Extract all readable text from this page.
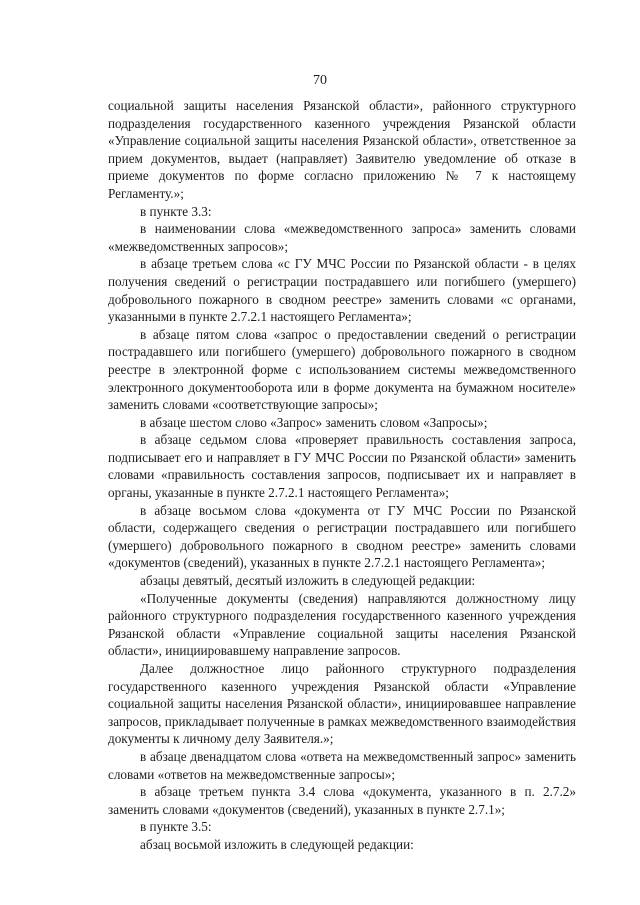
70

социальной защиты населения Рязанской области», районного структурного подразделения государственного казенного учреждения Рязанской области «Управление социальной защиты населения Рязанской области», ответственное за прием документов, выдает (направляет) Заявителю уведомление об отказе в приеме документов по форме согласно приложению № 7 к настоящему Регламенту.»;

в пункте 3.3:

в наименовании слова «межведомственного запроса» заменить словами «межведомственных запросов»;

в абзаце третьем слова «с ГУ МЧС России по Рязанской области - в целях получения сведений о регистрации пострадавшего или погибшего (умершего) добровольного пожарного в сводном реестре» заменить словами «с органами, указанными в пункте 2.7.2.1 настоящего Регламента»;

в абзаце пятом слова «запрос о предоставлении сведений о регистрации пострадавшего или погибшего (умершего) добровольного пожарного в сводном реестре в электронной форме с использованием системы межведомственного электронного документооборота или в форме документа на бумажном носителе» заменить словами «соответствующие запросы»;

в абзаце шестом слово «Запрос» заменить словом «Запросы»;

в абзаце седьмом слова «проверяет правильность составления запроса, подписывает его и направляет в ГУ МЧС России по Рязанской области» заменить словами «правильность составления запросов, подписывает их и направляет в органы, указанные в пункте 2.7.2.1 настоящего Регламента»;

в абзаце восьмом слова «документа от ГУ МЧС России по Рязанской области, содержащего сведения о регистрации пострадавшего или погибшего (умершего) добровольного пожарного в сводном реестре» заменить словами «документов (сведений), указанных в пункте 2.7.2.1 настоящего Регламента»;

абзацы девятый, десятый изложить в следующей редакции:

«Полученные документы (сведения) направляются должностному лицу районного структурного подразделения государственного казенного учреждения Рязанской области «Управление социальной защиты населения Рязанской области», инициировавшему направление запросов.

Далее должностное лицо районного структурного подразделения государственного казенного учреждения Рязанской области «Управление социальной защиты населения Рязанской области», инициировавшее направление запросов, прикладывает полученные в рамках межведомственного взаимодействия документы к личному делу Заявителя.»;

в абзаце двенадцатом слова «ответа на межведомственный запрос» заменить словами «ответов на межведомственные запросы»;

в абзаце третьем пункта 3.4 слова «документа, указанного в п. 2.7.2» заменить словами «документов (сведений), указанных в пункте 2.7.1»;

в пункте 3.5:

абзац восьмой изложить в следующей редакции:
